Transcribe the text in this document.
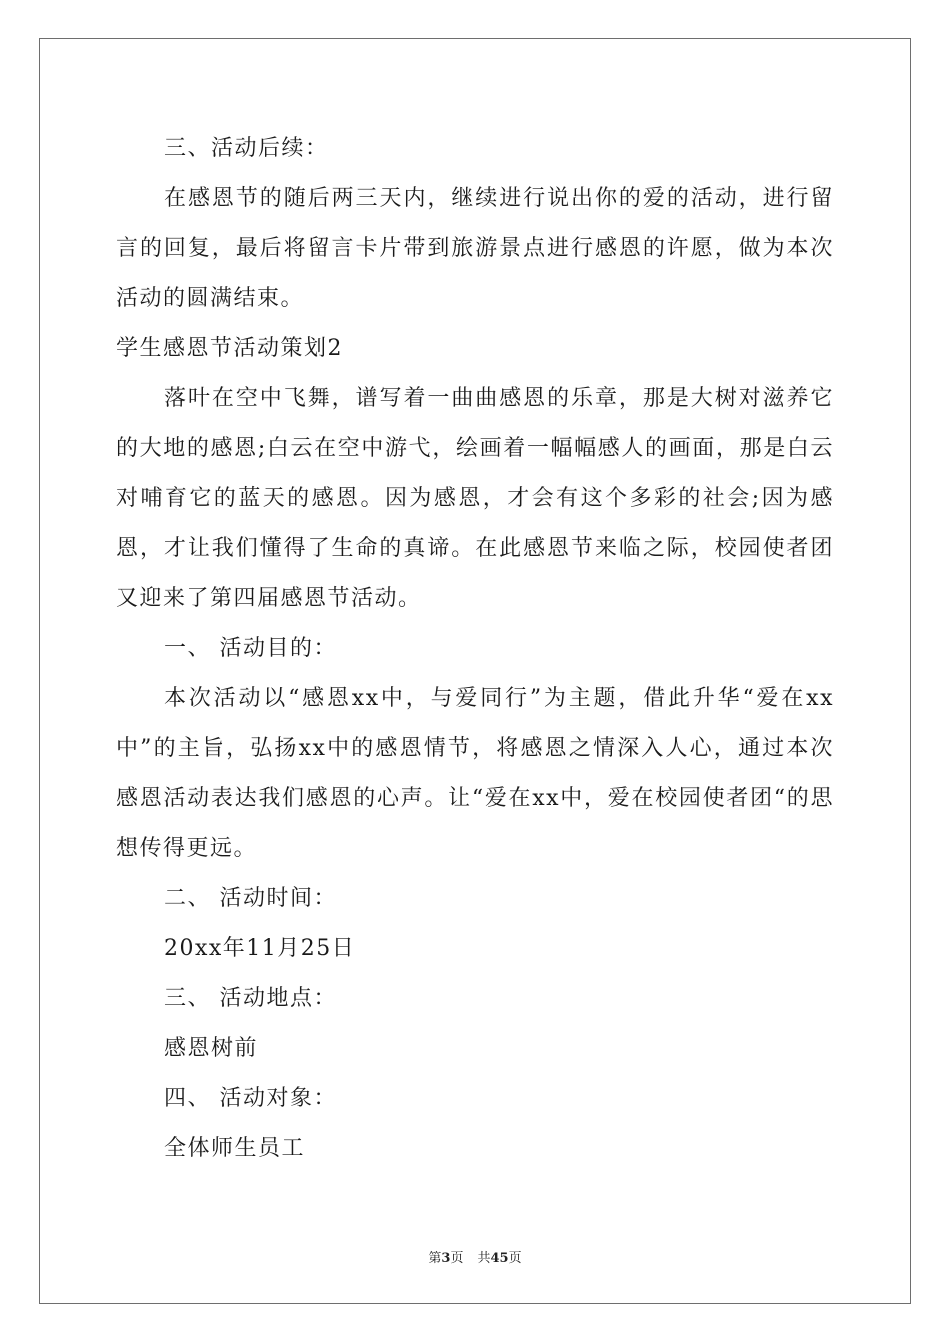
三、活动后续：

在感恩节的随后两三天内，继续进行说出你的爱的活动，进行留言的回复，最后将留言卡片带到旅游景点进行感恩的许愿，做为本次活动的圆满结束。

学生感恩节活动策划2

落叶在空中飞舞，谱写着一曲曲感恩的乐章，那是大树对滋养它的大地的感恩;白云在空中游弋，绘画着一幅幅感人的画面，那是白云对哺育它的蓝天的感恩。因为感恩，才会有这个多彩的社会;因为感恩，才让我们懂得了生命的真谛。在此感恩节来临之际，校园使者团又迎来了第四届感恩节活动。

一、 活动目的：

本次活动以“感恩xx中，与爱同行”为主题，借此升华“爱在xx中”的主旨，弘扬xx中的感恩情节，将感恩之情深入人心，通过本次感恩活动表达我们感恩的心声。让“爱在xx中，爱在校园使者团“的思想传得更远。

二、 活动时间：

20xx年11月25日

三、 活动地点：

感恩树前

四、 活动对象：

全体师生员工

第3页 共45页
